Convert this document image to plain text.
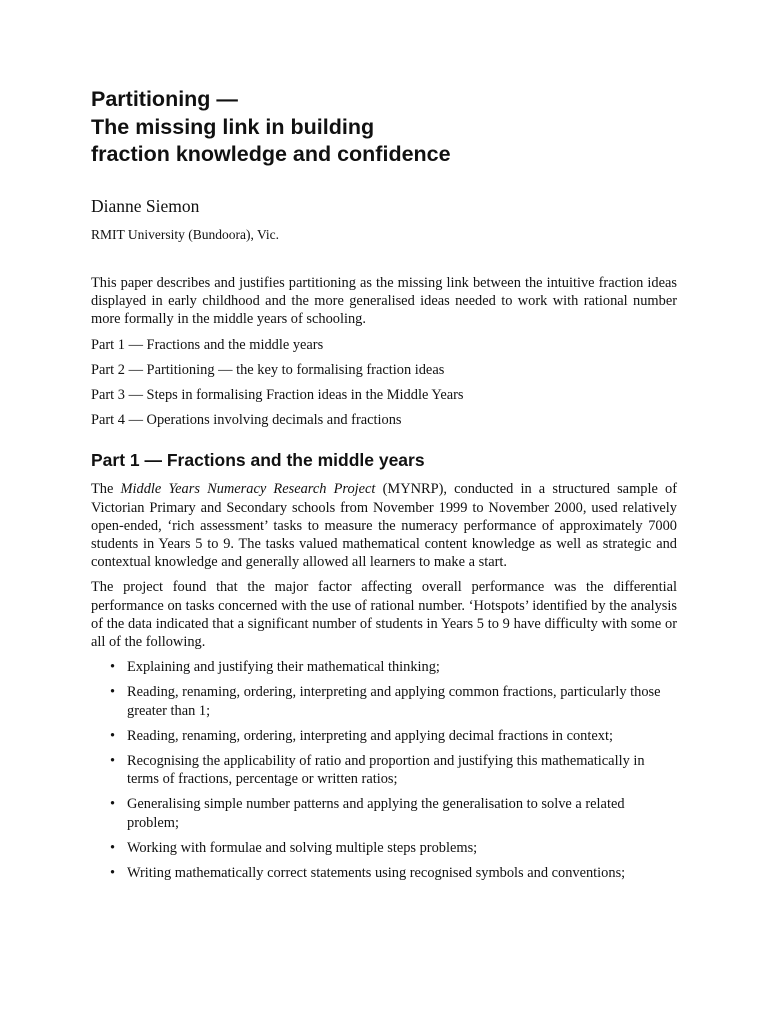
Partitioning —
The missing link in building
fraction knowledge and confidence
Dianne Siemon
RMIT University (Bundoora), Vic.

This paper describes and justifies partitioning as the missing link between the intuitive fraction ideas displayed in early childhood and the more generalised ideas needed to work with rational number more formally in the middle years of schooling.

Part 1 — Fractions and the middle years

Part 2 — Partitioning — the key to formalising fraction ideas

Part 3 — Steps in formalising Fraction ideas in the Middle Years

Part 4 — Operations involving decimals and fractions

Part 1 — Fractions and the middle years

The Middle Years Numeracy Research Project (MYNRP), conducted in a structured sample of Victorian Primary and Secondary schools from November 1999 to November 2000, used relatively open-ended, ‘rich assessment’ tasks to measure the numeracy performance of approximately 7000 students in Years 5 to 9. The tasks valued mathematical content knowledge as well as strategic and contextual knowledge and generally allowed all learners to make a start.

The project found that the major factor affecting overall performance was the differential performance on tasks concerned with the use of rational number. ‘Hotspots’ identified by the analysis of the data indicated that a significant number of students in Years 5 to 9 have difficulty with some or all of the following.

• Explaining and justifying their mathematical thinking;
• Reading, renaming, ordering, interpreting and applying common fractions, particularly those greater than 1;
• Reading, renaming, ordering, interpreting and applying decimal fractions in context;
• Recognising the applicability of ratio and proportion and justifying this mathematically in terms of fractions, percentage or written ratios;
• Generalising simple number patterns and applying the generalisation to solve a related problem;
• Working with formulae and solving multiple steps problems;
• Writing mathematically correct statements using recognised symbols and conventions;
